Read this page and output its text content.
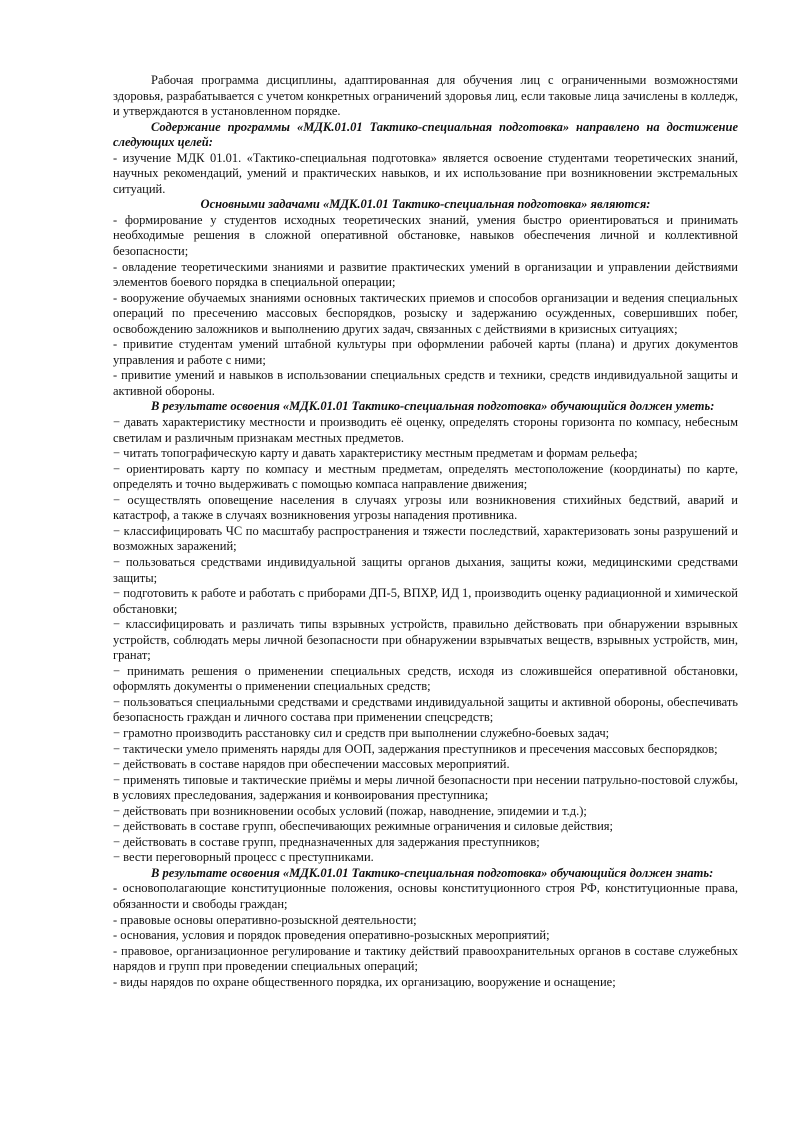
Рабочая программа дисциплины, адаптированная для обучения лиц с ограниченными возможностями здоровья, разрабатывается с учетом конкретных ограничений здоровья лиц, если таковые лица зачислены в колледж, и утверждаются в установленном порядке.

Содержание программы «МДК.01.01 Тактико-специальная подготовка» направлено на достижение следующих целей:

- изучение МДК 01.01. «Тактико-специальная подготовка» является освоение студентами теоретических знаний, научных рекомендаций, умений и практических навыков, и их использование при возникновении экстремальных ситуаций.

Основными задачами «МДК.01.01 Тактико-специальная подготовка» являются:

- формирование у студентов исходных теоретических знаний, умения быстро ориентироваться и принимать необходимые решения в сложной оперативной обстановке, навыков обеспечения личной и коллективной безопасности;

- овладение теоретическими знаниями и развитие практических умений в организации и управлении действиями элементов боевого порядка в специальной операции;

- вооружение обучаемых знаниями основных тактических приемов и способов организации и ведения специальных операций по пресечению массовых беспорядков, розыску и задержанию осужденных, совершивших побег, освобождению заложников и выполнению других задач, связанных с действиями в кризисных ситуациях;

- привитие студентам умений штабной культуры при оформлении рабочей карты (плана) и других документов управления и работе с ними;

- привитие умений и навыков в использовании специальных средств и техники, средств индивидуальной защиты и активной обороны.

В результате освоения «МДК.01.01 Тактико-специальная подготовка» обучающийся должен уметь:

− давать характеристику местности и производить её оценку, определять стороны горизонта по компасу, небесным светилам и различным признакам местных предметов.

− читать топографическую карту и давать характеристику местным предметам и формам рельефа;

− ориентировать карту по компасу и местным предметам, определять местоположение (координаты) по карте, определять и точно выдерживать с помощью компаса направление движения;

− осуществлять оповещение населения в случаях угрозы или возникновения стихийных бедствий, аварий и катастроф, а также в случаях возникновения угрозы нападения противника.

− классифицировать ЧС по масштабу распространения и тяжести последствий, характеризовать зоны разрушений и возможных заражений;

− пользоваться средствами индивидуальной защиты органов дыхания, защиты кожи, медицинскими средствами защиты;

− подготовить к работе и работать с приборами ДП-5, ВПХР, ИД 1, производить оценку радиационной и химической обстановки;

− классифицировать и различать типы взрывных устройств, правильно действовать при обнаружении взрывных устройств, соблюдать меры личной безопасности при обнаружении взрывчатых веществ, взрывных устройств, мин, гранат;

− принимать решения о применении специальных средств, исходя из сложившейся оперативной обстановки, оформлять документы о применении специальных средств;

− пользоваться специальными средствами и средствами индивидуальной защиты и активной обороны, обеспечивать безопасность граждан и личного состава при применении спецсредств;

− грамотно производить расстановку сил и средств при выполнении служебно-боевых задач;

− тактически умело применять наряды для ООП, задержания преступников и пресечения массовых беспорядков;

− действовать в составе нарядов при обеспечении массовых мероприятий.

− применять типовые и тактические приёмы и меры личной безопасности при несении патрульно-постовой службы, в условиях преследования, задержания и конвоирования преступника;

− действовать при возникновении особых условий (пожар, наводнение, эпидемии и т.д.);

− действовать в составе групп, обеспечивающих режимные ограничения и силовые действия;

− действовать в составе групп, предназначенных для задержания преступников;

− вести переговорный процесс с преступниками.

В результате освоения «МДК.01.01 Тактико-специальная подготовка» обучающийся должен знать:

- основополагающие конституционные положения, основы конституционного строя РФ, конституционные права, обязанности и свободы граждан;

- правовые основы оперативно-розыскной деятельности;

- основания, условия и порядок проведения оперативно-розыскных мероприятий;

- правовое, организационное регулирование и тактику действий правоохранительных органов в составе служебных нарядов и групп при проведении специальных операций;

- виды нарядов по охране общественного порядка, их организацию, вооружение и оснащение;
